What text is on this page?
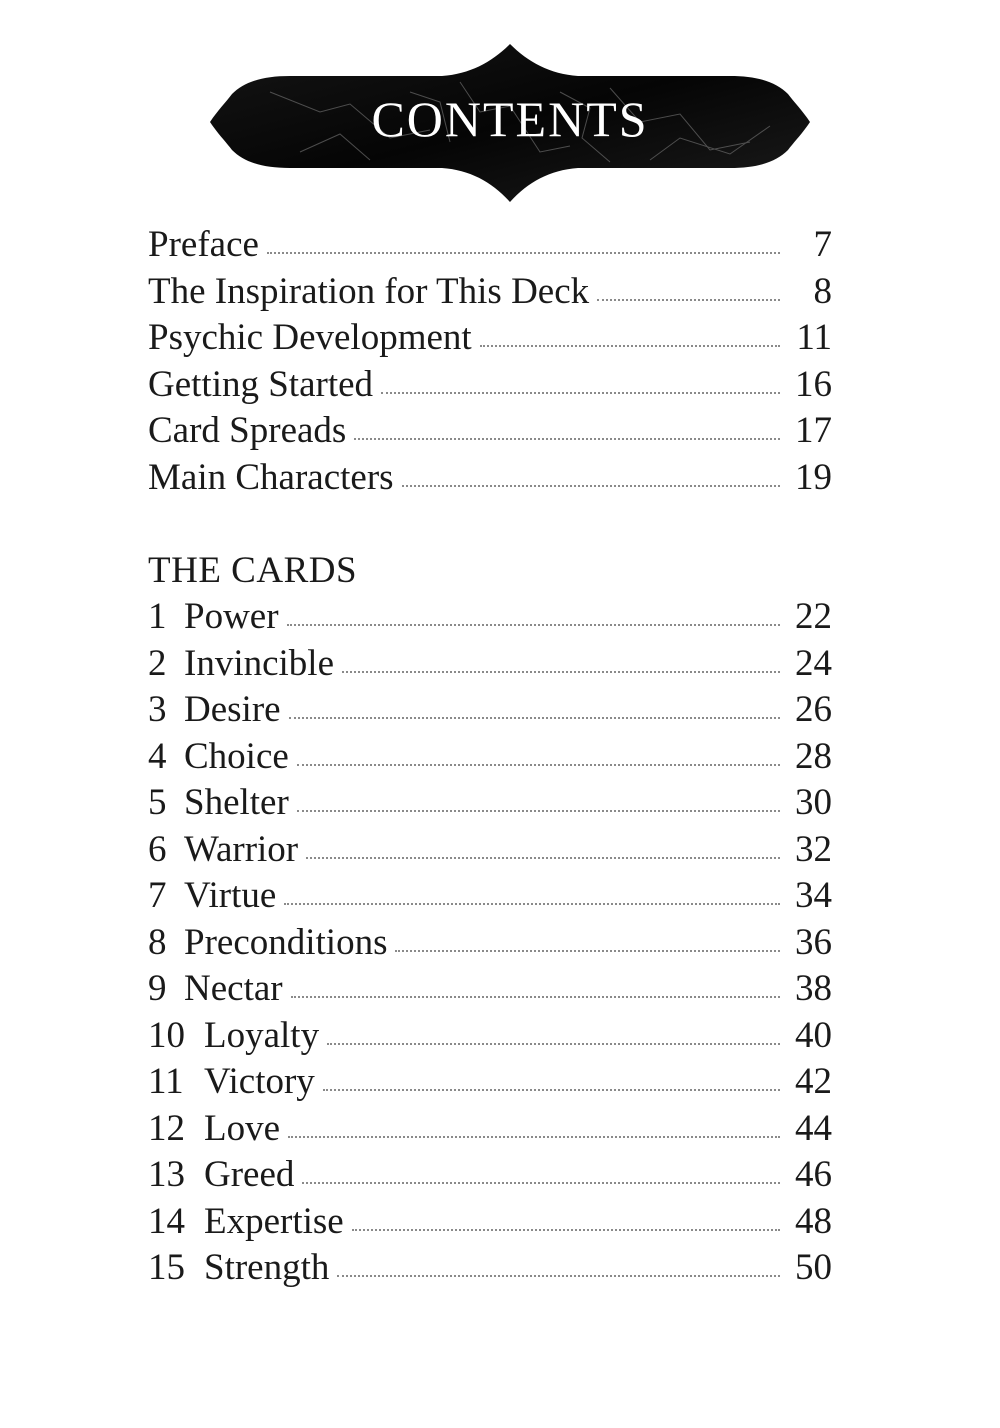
CONTENTS
Preface	7
The Inspiration for This Deck	8
Psychic Development	11
Getting Started	16
Card Spreads	17
Main Characters	19
THE CARDS
1 Power	22
2 Invincible	24
3 Desire	26
4 Choice	28
5 Shelter	30
6 Warrior	32
7 Virtue	34
8 Preconditions	36
9 Nectar	38
10 Loyalty	40
11 Victory	42
12 Love	44
13 Greed	46
14 Expertise	48
15 Strength	50
